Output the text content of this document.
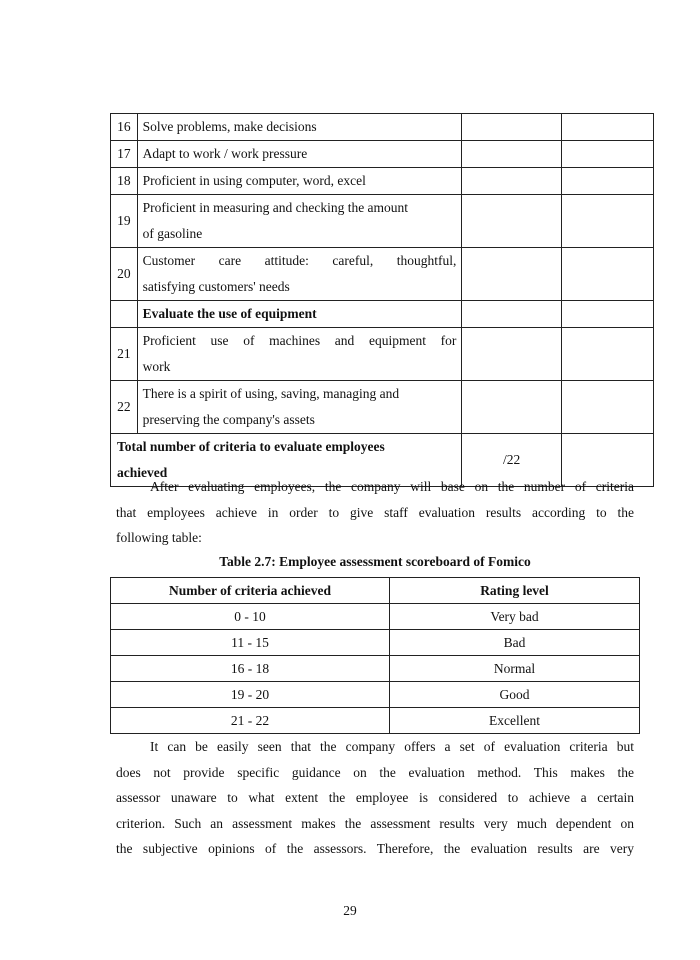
16	Solve problems, make decisions		
17	Adapt to work / work pressure		
18	Proficient in using computer, word, excel		
19	Proficient in measuring and checking the amount
of gasoline		

20	Customer care attitude: careful, thoughtful,
satisfying customers' needs		

	Evaluate the use of equipment		
21	Proficient use of machines and equipment for
work		

22	There is a spirit of using, saving, managing and
preserving the company's assets		

Total number of criteria to evaluate employees
achieved		/22	
After evaluating employees, the company will base on the number of criteria
that employees achieve in order to give staff evaluation results according to the
following table:
Table 2.7: Employee assessment scoreboard of Fomico
Number of criteria achieved	Rating level
0 - 10	Very bad
11 - 15	Bad
16 - 18	Normal
19 - 20	Good
21 - 22	Excellent
It can be easily seen that the company offers a set of evaluation criteria but
does not provide specific guidance on the evaluation method. This makes the
assessor unaware to what extent the employee is considered to achieve a certain
criterion. Such an assessment makes the assessment results very much dependent on
the subjective opinions of the assessors. Therefore, the evaluation results are very
29
